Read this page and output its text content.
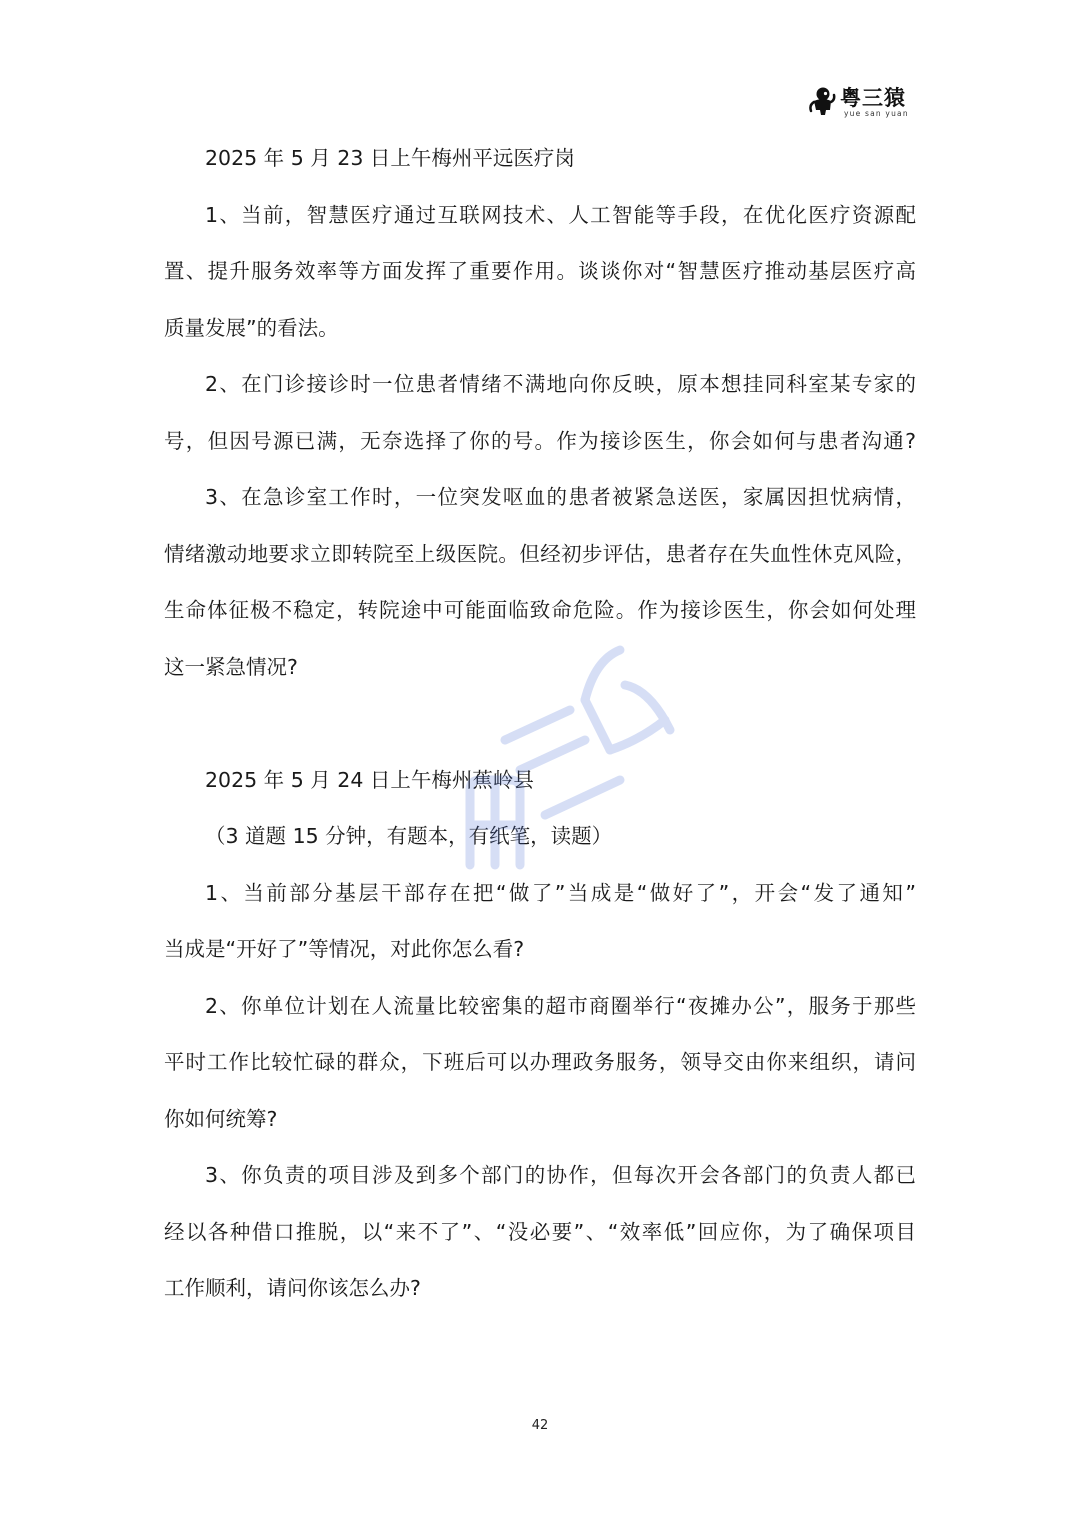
粤三猿
yue san yuan
2025 年 5 月 23 日上午梅州平远医疗岗
1、当前，智慧医疗通过互联网技术、人工智能等手段，在优化医疗资源配
置、提升服务效率等方面发挥了重要作用。谈谈你对“智慧医疗推动基层医疗高
质量发展”的看法。
2、在门诊接诊时一位患者情绪不满地向你反映，原本想挂同科室某专家的
号，但因号源已满，无奈选择了你的号。作为接诊医生，你会如何与患者沟通?
3、在急诊室工作时，一位突发呕血的患者被紧急送医，家属因担忧病情，
情绪激动地要求立即转院至上级医院。但经初步评估，患者存在失血性休克风险，
生命体征极不稳定，转院途中可能面临致命危险。作为接诊医生，你会如何处理
这一紧急情况?
2025 年 5 月 24 日上午梅州蕉岭县
（3 道题 15 分钟，有题本，有纸笔，读题）
1、当前部分基层干部存在把“做了”当成是“做好了”，开会“发了通知”
当成是“开好了”等情况，对此你怎么看?
2、你单位计划在人流量比较密集的超市商圈举行“夜摊办公”，服务于那些
平时工作比较忙碌的群众，下班后可以办理政务服务，领导交由你来组织，请问
你如何统筹?
3、你负责的项目涉及到多个部门的协作，但每次开会各部门的负责人都已
经以各种借口推脱，以“来不了”、“没必要”、“效率低”回应你，为了确保项目
工作顺利，请问你该怎么办?
42
